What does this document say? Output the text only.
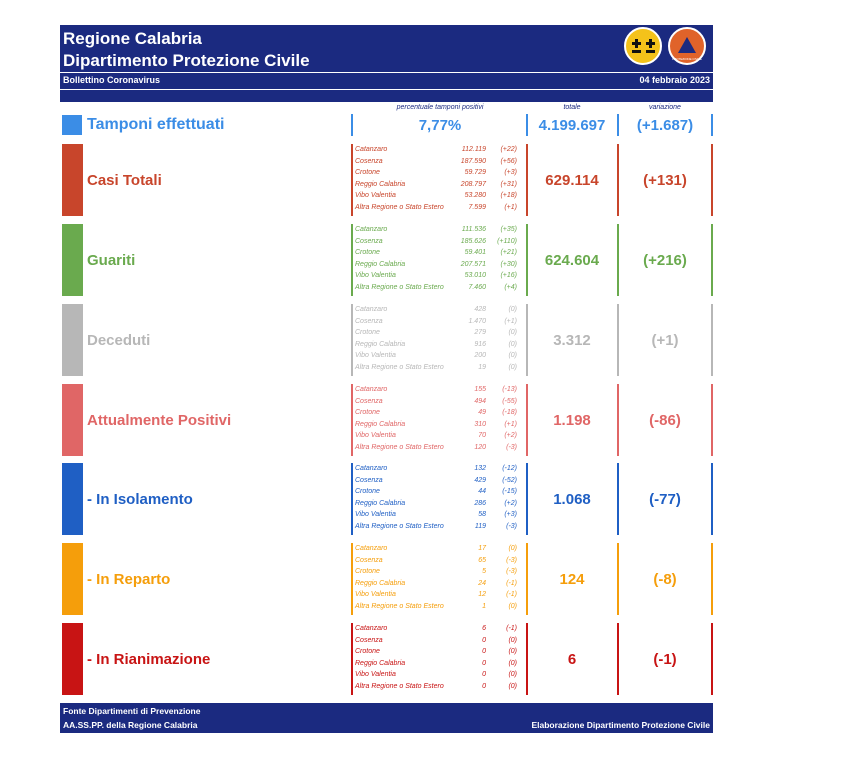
Regione Calabria
Dipartimento Protezione Civile	PROTEZIONE CIVILE
Bollettino Coronavirus	04 febbraio 2023
percentuale tamponi positivi	totale	variazione
Tamponi effettuati	7,77%	4.199.697	(+1.687)
Casi Totali
Catanzaro	112.119 (+22)
Cosenza	187.590 (+56)
Crotone	59.729	(+3)
Reggio Calabria	208.797 (+31)
Vibo Valentia	53.280 (+18)
Altra Regione o Stato Estero	7.599	(+1)
629.114	(+131)
Guariti
Catanzaro	111.536 (+35)
Cosenza	185.626 (+110)
Crotone	59.401 (+21)
Reggio Calabria	207.571 (+30)
Vibo Valentia	53.010 (+16)
Altra Regione o Stato Estero	7.460	(+4)
624.604	(+216)
Deceduti
Catanzaro	428	(0)
Cosenza	1.470	(+1)
Crotone	279	(0)
Reggio Calabria	916	(0)
Vibo Valentia	200	(0)
Altra Regione o Stato Estero	19	(0)
3.312	(+1)
Attualmente Positivi
Catanzaro	155 (-13)
Cosenza	494 (-55)
Crotone	49 (-18)
Reggio Calabria	310	(+1)
Vibo Valentia	70	(+2)
Altra Regione o Stato Estero	120	(-3)
1.198	(-86)
- In Isolamento
Catanzaro	132 (-12)
Cosenza	429 (-52)
Crotone	44 (-15)
Reggio Calabria	286	(+2)
Vibo Valentia	58	(+3)
Altra Regione o Stato Estero	119	(-3)
1.068	(-77)
- In Reparto
Catanzaro	17	(0)
Cosenza	65	(-3)
Crotone	5	(-3)
Reggio Calabria	24	(-1)
Vibo Valentia	12	(-1)
Altra Regione o Stato Estero	1	(0)
124	(-8)
- In Rianimazione
Catanzaro	6	(-1)
Cosenza	0	(0)
Crotone	0	(0)
Reggio Calabria	0	(0)
Vibo Valentia	0	(0)
Altra Regione o Stato Estero	0	(0)
6	(-1)
Fonte Dipartimenti di Prevenzione
AA.SS.PP. della Regione Calabria	Elaborazione Dipartimento Protezione Civile
